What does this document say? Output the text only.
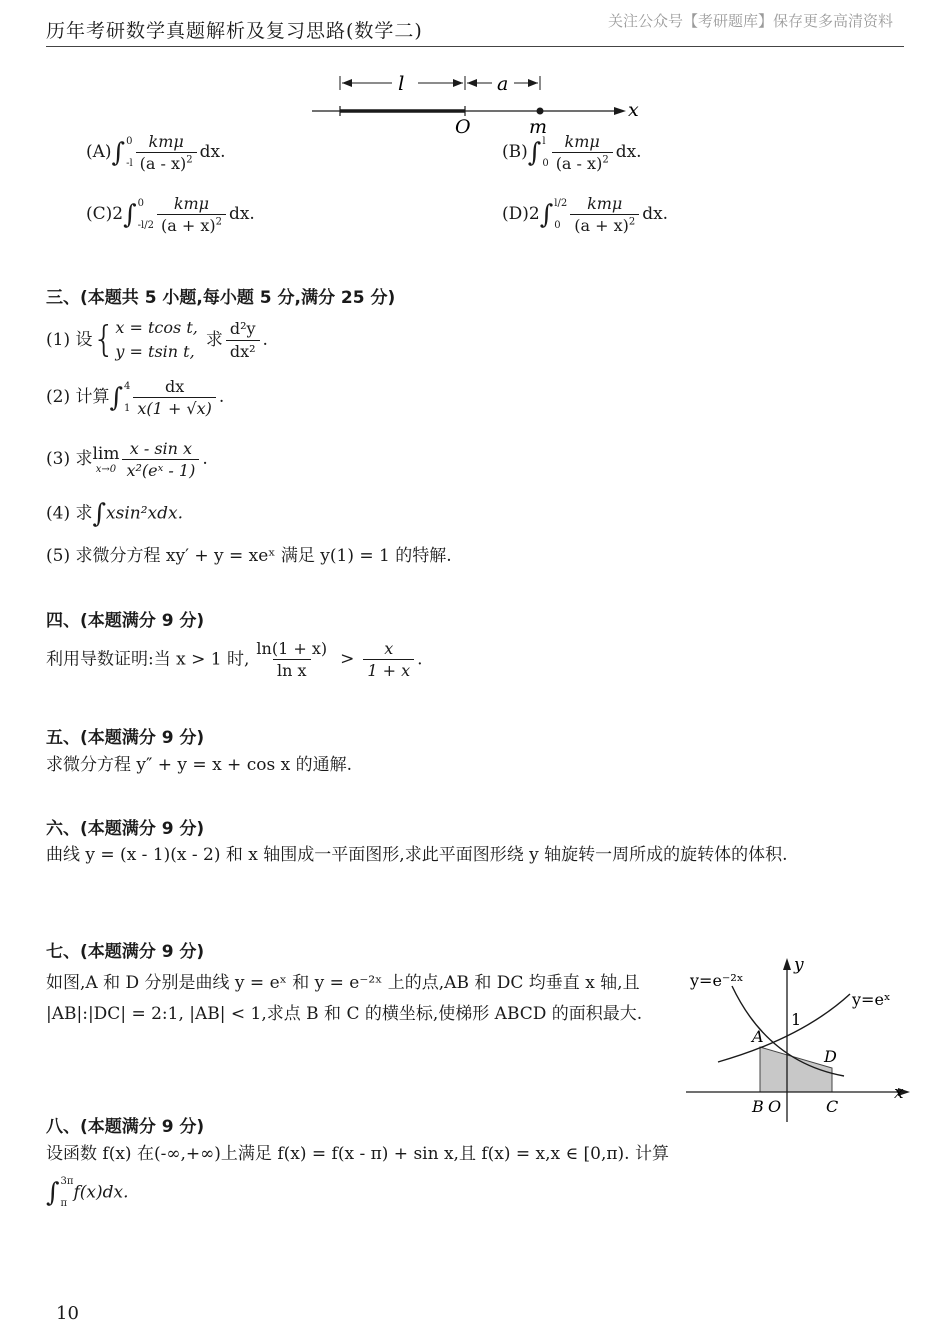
历年考研数学真题解析及复习思路(数学二)	关注公众号【考研题库】保存更多高清资料
l	a
O	m
x
(A) ∫ 0
$-l \frac{\text{kmμ}}{(a - x)^2}$ dx.	(B) ∫ l
$0 \frac{\text{kmμ}}{(a - x)^2}$ dx.
(C)2 ∫ 0
$-l/2 \frac{\text{kmμ}}{(a + x)^2}$ dx.	(D)2 ∫ l/2
$0 \frac{\text{kmμ}}{(a + x)^2}$ dx.
三、(本题共 5 小题,每小题 5 分,满分 25 分)
(1) 设 { x = tcos t,
y = tsin t,
求 $\frac{\text{d²y}}{\text{dx²}}$ .
(2) 计算 ∫ 4
$1 \frac{dx}{x(1 + √x)}$ .
(3) 求 lim
$x\to 0 \frac{\text{x - sin x}}{\text{x²(eˣ - 1)}}$ .
(4) 求 ∫ xsin²xdx.
(5) 求微分方程 xy′ + y = xeˣ 满足 y(1) = 1 的特解.
四、(本题满分 9 分)
利用导数证明:当 x > 1 时, $\frac{\ln(1 + x)}{\text{ln x}} > \frac{x}{1 + x}$ .
五、(本题满分 9 分)
求微分方程 y″ + y = x + cos x 的通解.
六、(本题满分 9 分)
曲线 y = (x - 1)(x - 2) 和 x 轴围成一平面图形,求此平面图形绕 y 轴旋转一周所成的旋转体的体积.
七、(本题满分 9 分)
如图,A 和 D 分别是曲线 y = eˣ 和 y = e⁻²ˣ 上的点,AB 和 DC 均垂直 x 轴,且 |AB|:|DC| = 2:1, |AB| < 1,求点 B 和 C 的横坐标,使梯形 ABCD 的面积最大.
y=e⁻²ˣ
y=eˣ
y
x
1
A
D
B O	C
八、(本题满分 9 分)
设函数 f(x) 在(-∞,+∞)上满足 f(x) = f(x - π) + sin x,且 f(x) = x,x ∈ [0,π). 计算
∫ 3π
π
f(x)dx.
10
